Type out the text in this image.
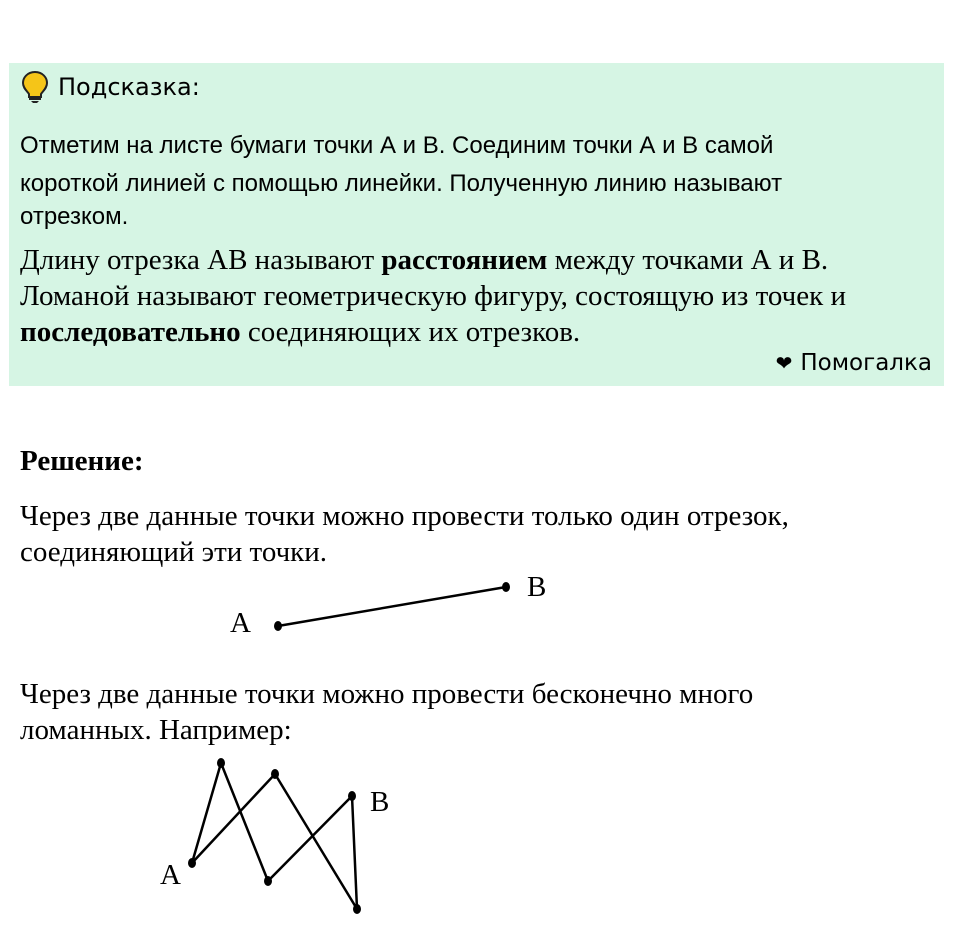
Подсказка:
Отметим на листе бумаги точки А и В. Соединим точки А и В самой
короткой линией с помощью линейки. Полученную линию называют
отрезком.
Длину отрезка АВ называют расстоянием между точками А и В.
Ломаной называют геометрическую фигуру, состоящую из точек и
последовательно соединяющих их отрезков.
❤ Помогалка
Решение:
Через две данные точки можно провести только один отрезок,
соединяющий эти точки.
А
В
Через две данные точки можно провести бесконечно много
ломанных. Например:
А
В
